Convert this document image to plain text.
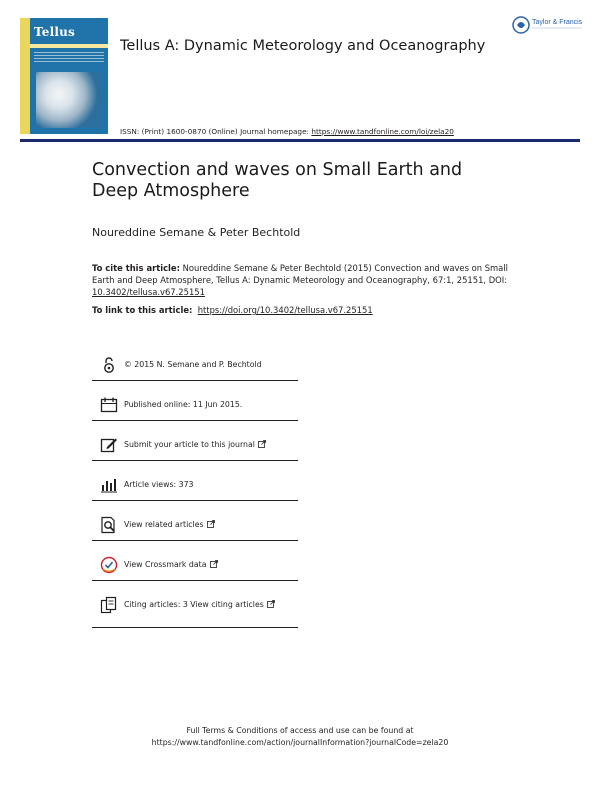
Tellus
Tellus A: Dynamic Meteorology and Oceanography
Taylor & Francis
ISSN: (Print) 1600-0870 (Online) Journal homepage: https://www.tandfonline.com/loi/zela20
Convection and waves on Small Earth and Deep Atmosphere
Noureddine Semane & Peter Bechtold
To cite this article: Noureddine Semane & Peter Bechtold (2015) Convection and waves on Small Earth and Deep Atmosphere, Tellus A: Dynamic Meteorology and Oceanography, 67:1, 25151, DOI: 10.3402/tellusa.v67.25151
To link to this article: https://doi.org/10.3402/tellusa.v67.25151
© 2015 N. Semane and P. Bechtold
Published online: 11 Jun 2015.
Submit your article to this journal
Article views: 373
View related articles
View Crossmark data
Citing articles: 3 View citing articles
Full Terms & Conditions of access and use can be found at
https://www.tandfonline.com/action/journalInformation?journalCode=zela20
